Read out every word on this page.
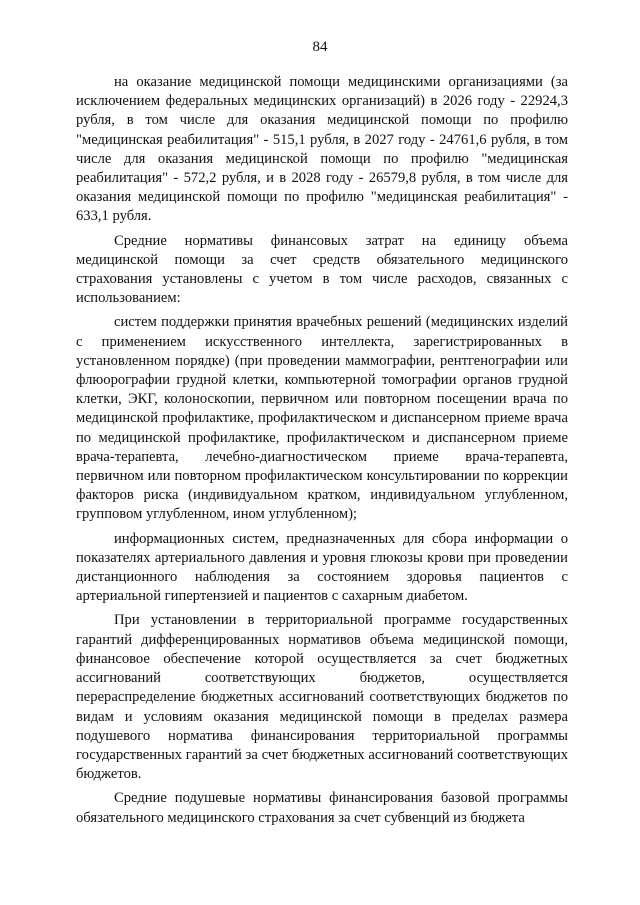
84

на оказание медицинской помощи медицинскими организациями (за исключением федеральных медицинских организаций) в 2026 году - 22924,3 рубля, в том числе для оказания медицинской помощи по профилю "медицинская реабилитация" - 515,1 рубля, в 2027 году - 24761,6 рубля, в том числе для оказания медицинской помощи по профилю "медицинская реабилитация" - 572,2 рубля, и в 2028 году - 26579,8 рубля, в том числе для оказания медицинской помощи по профилю "медицинская реабилитация" - 633,1 рубля.

Средние нормативы финансовых затрат на единицу объема медицинской помощи за счет средств обязательного медицинского страхования установлены с учетом в том числе расходов, связанных с использованием:

систем поддержки принятия врачебных решений (медицинских изделий с применением искусственного интеллекта, зарегистрированных в установленном порядке) (при проведении маммографии, рентгенографии или флюорографии грудной клетки, компьютерной томографии органов грудной клетки, ЭКГ, колоноскопии, первичном или повторном посещении врача по медицинской профилактике, профилактическом и диспансерном приеме врача по медицинской профилактике, профилактическом и диспансерном приеме врача-терапевта, лечебно-диагностическом приеме врача-терапевта, первичном или повторном профилактическом консультировании по коррекции факторов риска (индивидуальном кратком, индивидуальном углубленном, групповом углубленном, ином углубленном);

информационных систем, предназначенных для сбора информации о показателях артериального давления и уровня глюкозы крови при проведении дистанционного наблюдения за состоянием здоровья пациентов с артериальной гипертензией и пациентов с сахарным диабетом.

При установлении в территориальной программе государственных гарантий дифференцированных нормативов объема медицинской помощи, финансовое обеспечение которой осуществляется за счет бюджетных ассигнований соответствующих бюджетов, осуществляется перераспределение бюджетных ассигнований соответствующих бюджетов по видам и условиям оказания медицинской помощи в пределах размера подушевого норматива финансирования территориальной программы государственных гарантий за счет бюджетных ассигнований соответствующих бюджетов.

Средние подушевые нормативы финансирования базовой программы обязательного медицинского страхования за счет субвенций из бюджета
